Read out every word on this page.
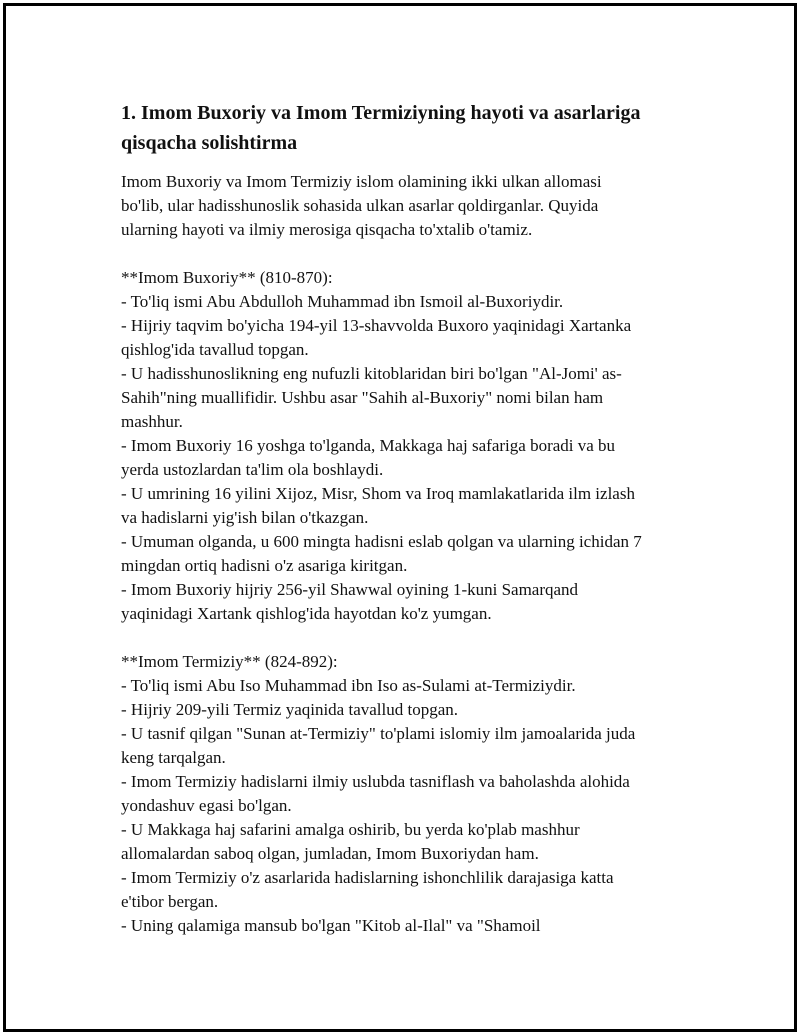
1. Imom Buxoriy va Imom Termiziyning hayoti va asarlariga
qisqacha solishtirma

Imom Buxoriy va Imom Termiziy islom olamining ikki ulkan allomasi
bo'lib, ular hadisshunoslik sohasida ulkan asarlar qoldirganlar. Quyida
ularning hayoti va ilmiy merosiga qisqacha to'xtalib o'tamiz.

**Imom Buxoriy** (810-870):
- To'liq ismi Abu Abdulloh Muhammad ibn Ismoil al-Buxoriydir.
- Hijriy taqvim bo'yicha 194-yil 13-shavvolda Buxoro yaqinidagi Xartanka
qishlog'ida tavallud topgan.
- U hadisshunoslikning eng nufuzli kitoblaridan biri bo'lgan "Al-Jomi' as-
Sahih"ning muallifidir. Ushbu asar "Sahih al-Buxoriy" nomi bilan ham
mashhur.
- Imom Buxoriy 16 yoshga to'lganda, Makkaga haj safariga boradi va bu
yerda ustozlardan ta'lim ola boshlaydi.
- U umrining 16 yilini Xijoz, Misr, Shom va Iroq mamlakatlarida ilm izlash
va hadislarni yig'ish bilan o'tkazgan.
- Umuman olganda, u 600 mingta hadisni eslab qolgan va ularning ichidan 7
mingdan ortiq hadisni o'z asariga kiritgan.
- Imom Buxoriy hijriy 256-yil Shawwal oyining 1-kuni Samarqand
yaqinidagi Xartank qishlog'ida hayotdan ko'z yumgan.

**Imom Termiziy** (824-892):
- To'liq ismi Abu Iso Muhammad ibn Iso as-Sulami at-Termiziydir.
- Hijriy 209-yili Termiz yaqinida tavallud topgan.
- U tasnif qilgan "Sunan at-Termiziy" to'plami islomiy ilm jamoalarida juda
keng tarqalgan.
- Imom Termiziy hadislarni ilmiy uslubda tasniflash va baholashda alohida
yondashuv egasi bo'lgan.
- U Makkaga haj safarini amalga oshirib, bu yerda ko'plab mashhur
allomalardan saboq olgan, jumladan, Imom Buxoriydan ham.
- Imom Termiziy o'z asarlarida hadislarning ishonchlilik darajasiga katta
e'tibor bergan.
- Uning qalamiga mansub bo'lgan "Kitob al-Ilal" va "Shamoil
